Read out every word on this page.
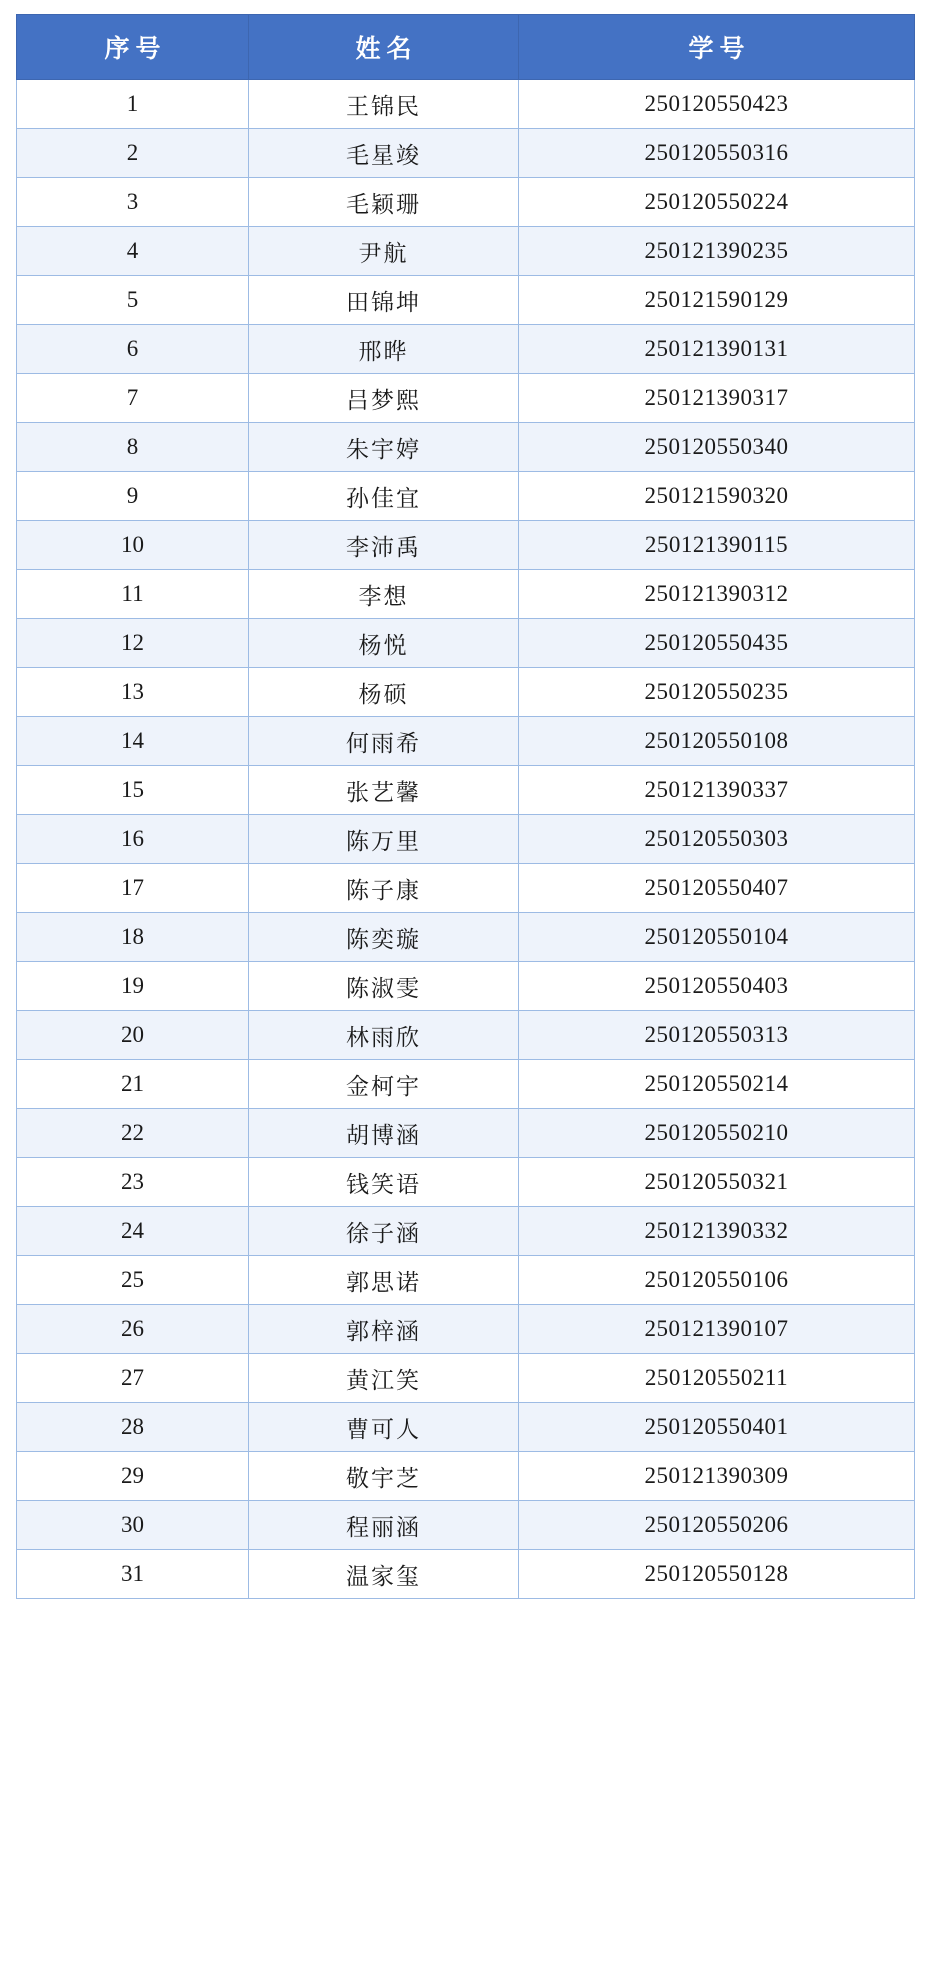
序号	姓名	学号
1	王锦民	250120550423
2	毛星竣	250120550316
3	毛颖珊	250120550224
4	尹航	250121390235
5	田锦坤	250121590129
6	邢晔	250121390131
7	吕梦熙	250121390317
8	朱宇婷	250120550340
9	孙佳宜	250121590320
10	李沛禹	250121390115
11	李想	250121390312
12	杨悦	250120550435
13	杨硕	250120550235
14	何雨希	250120550108
15	张艺馨	250121390337
16	陈万里	250120550303
17	陈子康	250120550407
18	陈奕璇	250120550104
19	陈淑雯	250120550403
20	林雨欣	250120550313
21	金柯宇	250120550214
22	胡博涵	250120550210
23	钱笑语	250120550321
24	徐子涵	250121390332
25	郭思诺	250120550106
26	郭梓涵	250121390107
27	黄江笑	250120550211
28	曹可人	250120550401
29	敬宇芝	250121390309
30	程丽涵	250120550206
31	温家玺	250120550128
